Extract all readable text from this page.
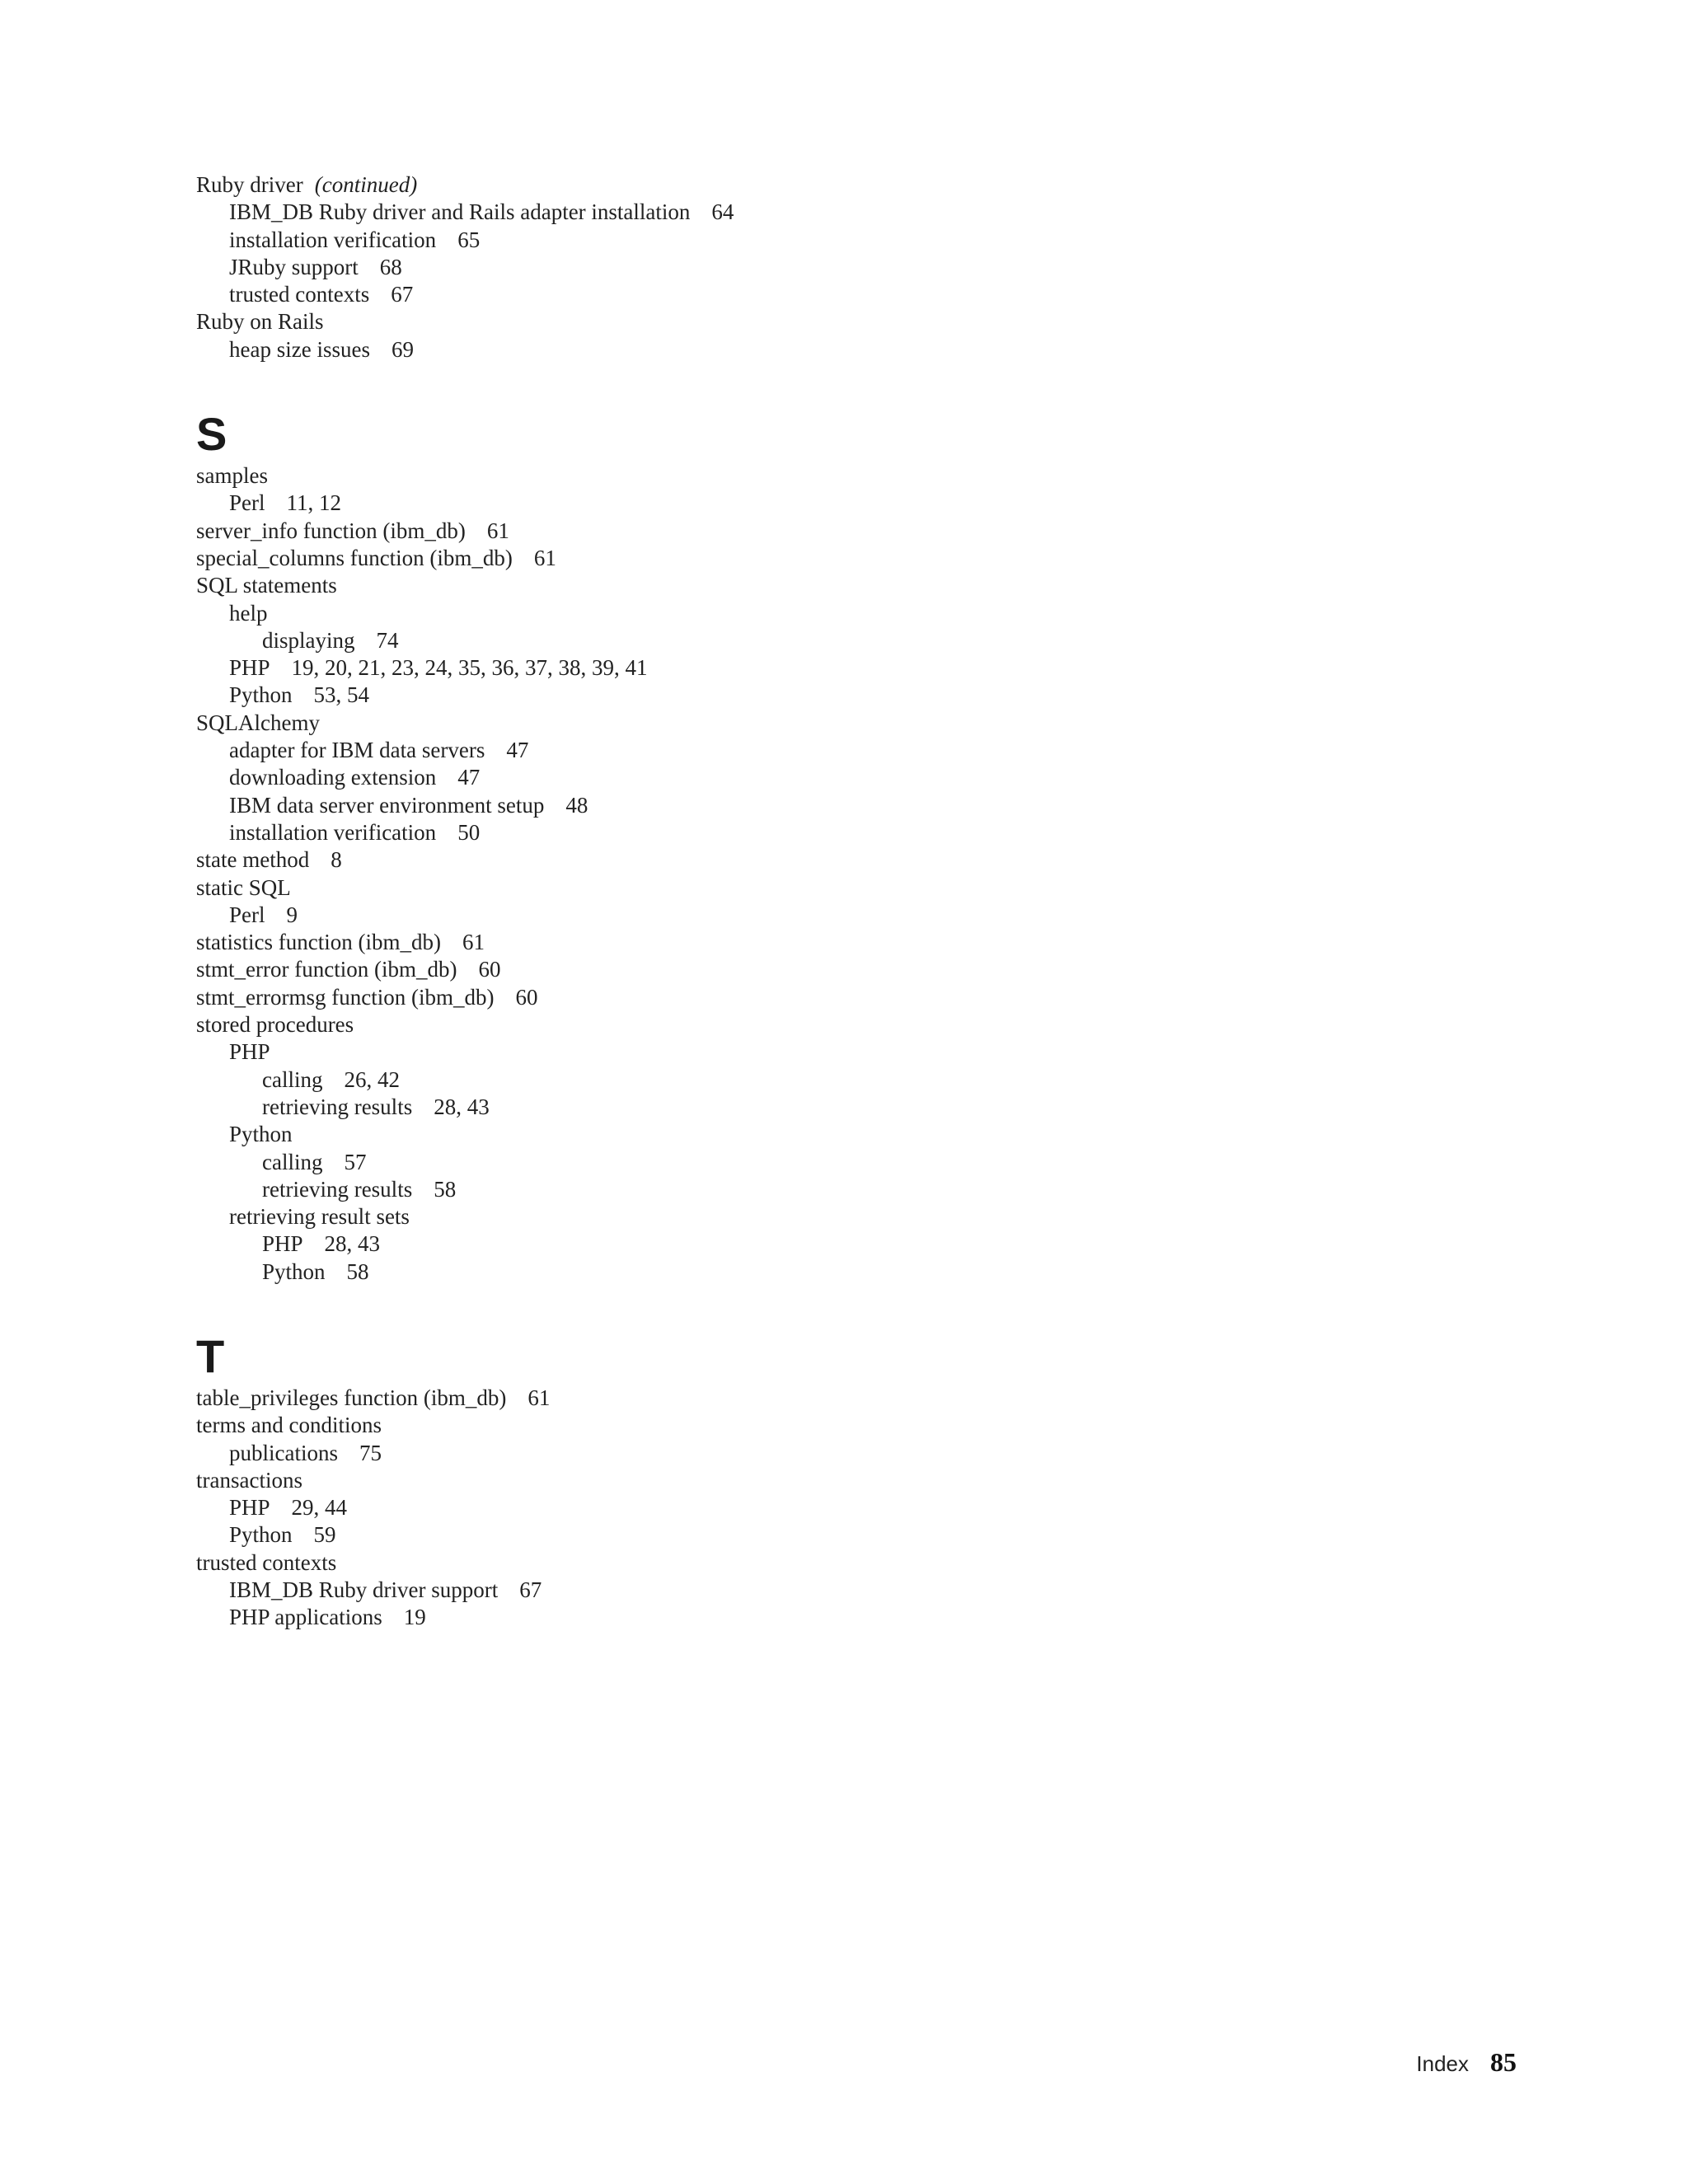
Ruby driver (continued)
IBM_DB Ruby driver and Rails adapter installation 64
installation verification 65
JRuby support 68
trusted contexts 67
Ruby on Rails
heap size issues 69
S
samples
Perl 11, 12
server_info function (ibm_db) 61
special_columns function (ibm_db) 61
SQL statements
help
displaying 74
PHP 19, 20, 21, 23, 24, 35, 36, 37, 38, 39, 41
Python 53, 54
SQLAlchemy
adapter for IBM data servers 47
downloading extension 47
IBM data server environment setup 48
installation verification 50
state method 8
static SQL
Perl 9
statistics function (ibm_db) 61
stmt_error function (ibm_db) 60
stmt_errormsg function (ibm_db) 60
stored procedures
PHP
calling 26, 42
retrieving results 28, 43
Python
calling 57
retrieving results 58
retrieving result sets
PHP 28, 43
Python 58
T
table_privileges function (ibm_db) 61
terms and conditions
publications 75
transactions
PHP 29, 44
Python 59
trusted contexts
IBM_DB Ruby driver support 67
PHP applications 19
Index 85
